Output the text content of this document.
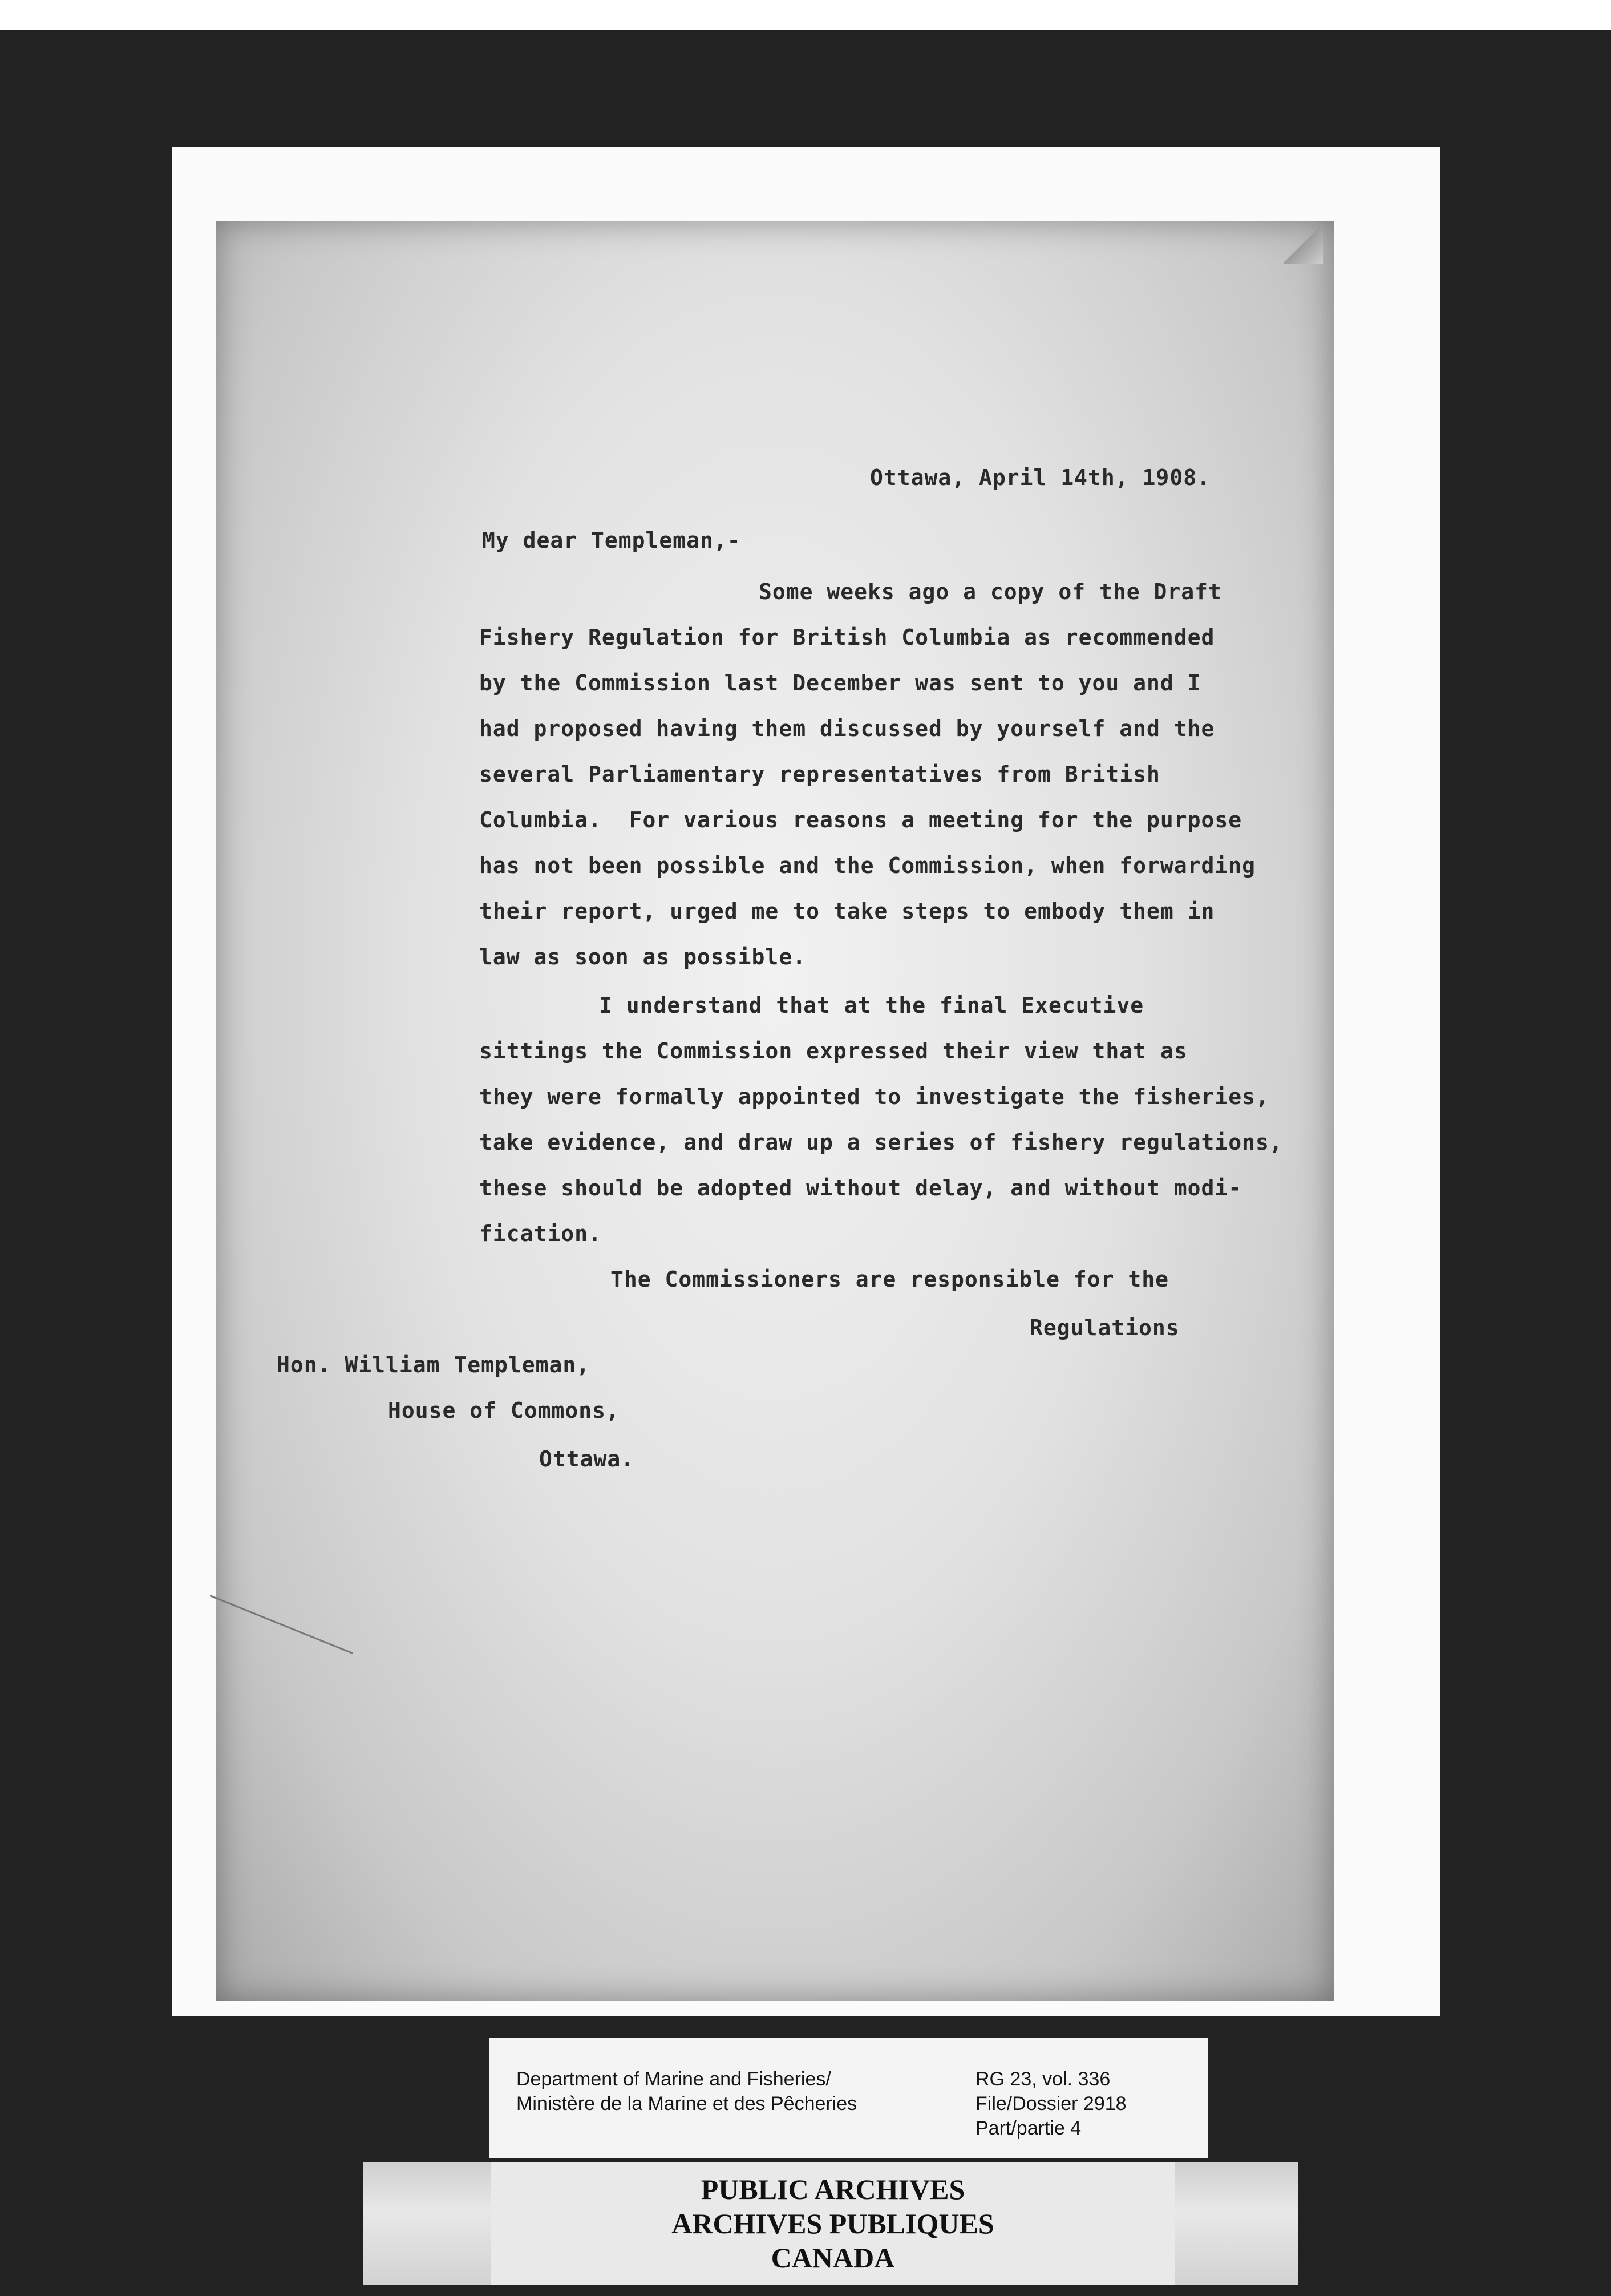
Ottawa, April 14th, 1908.
My dear Templeman,-
Some weeks ago a copy of the Draft
Fishery Regulation for British Columbia as recommended
by the Commission last December was sent to you and I
had proposed having them discussed by yourself and the
several Parliamentary representatives from British
Columbia.  For various reasons a meeting for the purpose
has not been possible and the Commission, when forwarding
their report, urged me to take steps to embody them in
law as soon as possible.
I understand that at the final Executive
sittings the Commission expressed their view that as
they were formally appointed to investigate the fisheries,
take evidence, and draw up a series of fishery regulations,
these should be adopted without delay, and without modi-
fication.
The Commissioners are responsible for the
Regulations
Hon. William Templeman,
House of Commons,
Ottawa.
Department of Marine and Fisheries/
Ministère de la Marine et des Pêcheries
RG 23, vol. 336
File/Dossier 2918
Part/partie 4
PUBLIC ARCHIVES
ARCHIVES PUBLIQUES
CANADA
